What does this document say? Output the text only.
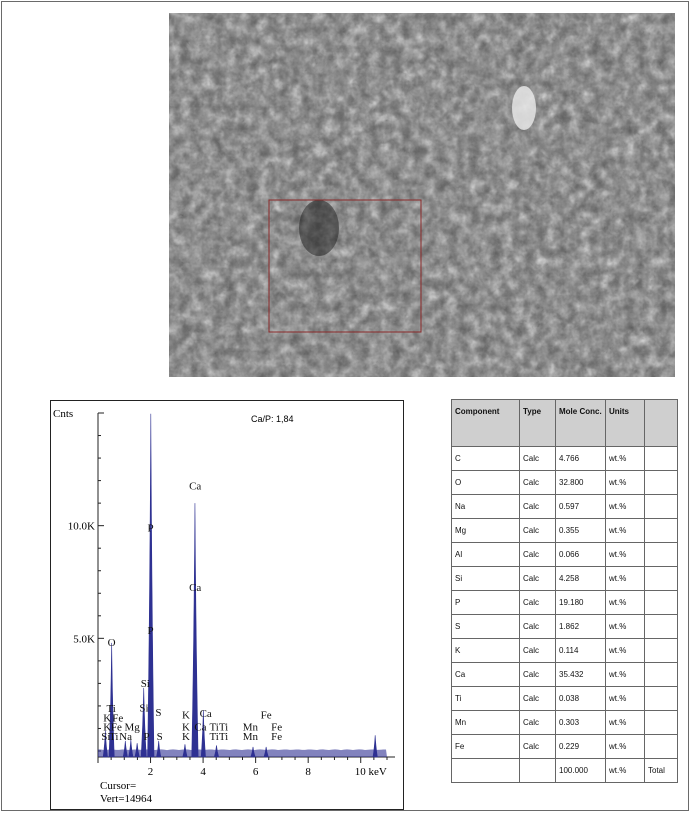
5.0K
10.0K
2	4	6	8	10 keV
O
Ti
K Fe
K Fe Mg
Si
Si S
Si
Ti Na P S
K
K
K
P
P
Ca
Ca
Ca
Ca TiTi
TiTi
Fe
Mn Fe
Mn Fe
Cnts	Ca/P: 1,84
Cursor=
Vert=14964
Component	Type	Mole Conc.	Units	
C	Calc	4.766	wt.%	
O	Calc	32.800	wt.%	
Na	Calc	0.597	wt.%	
Mg	Calc	0.355	wt.%	
Al	Calc	0.066	wt.%	
Si	Calc	4.258	wt.%	
P	Calc	19.180	wt.%	
S	Calc	1.862	wt.%	
K	Calc	0.114	wt.%	
Ca	Calc	35.432	wt.%	
Ti	Calc	0.038	wt.%	
Mn	Calc	0.303	wt.%	
Fe	Calc	0.229	wt.%	
		100.000	wt.%	Total
